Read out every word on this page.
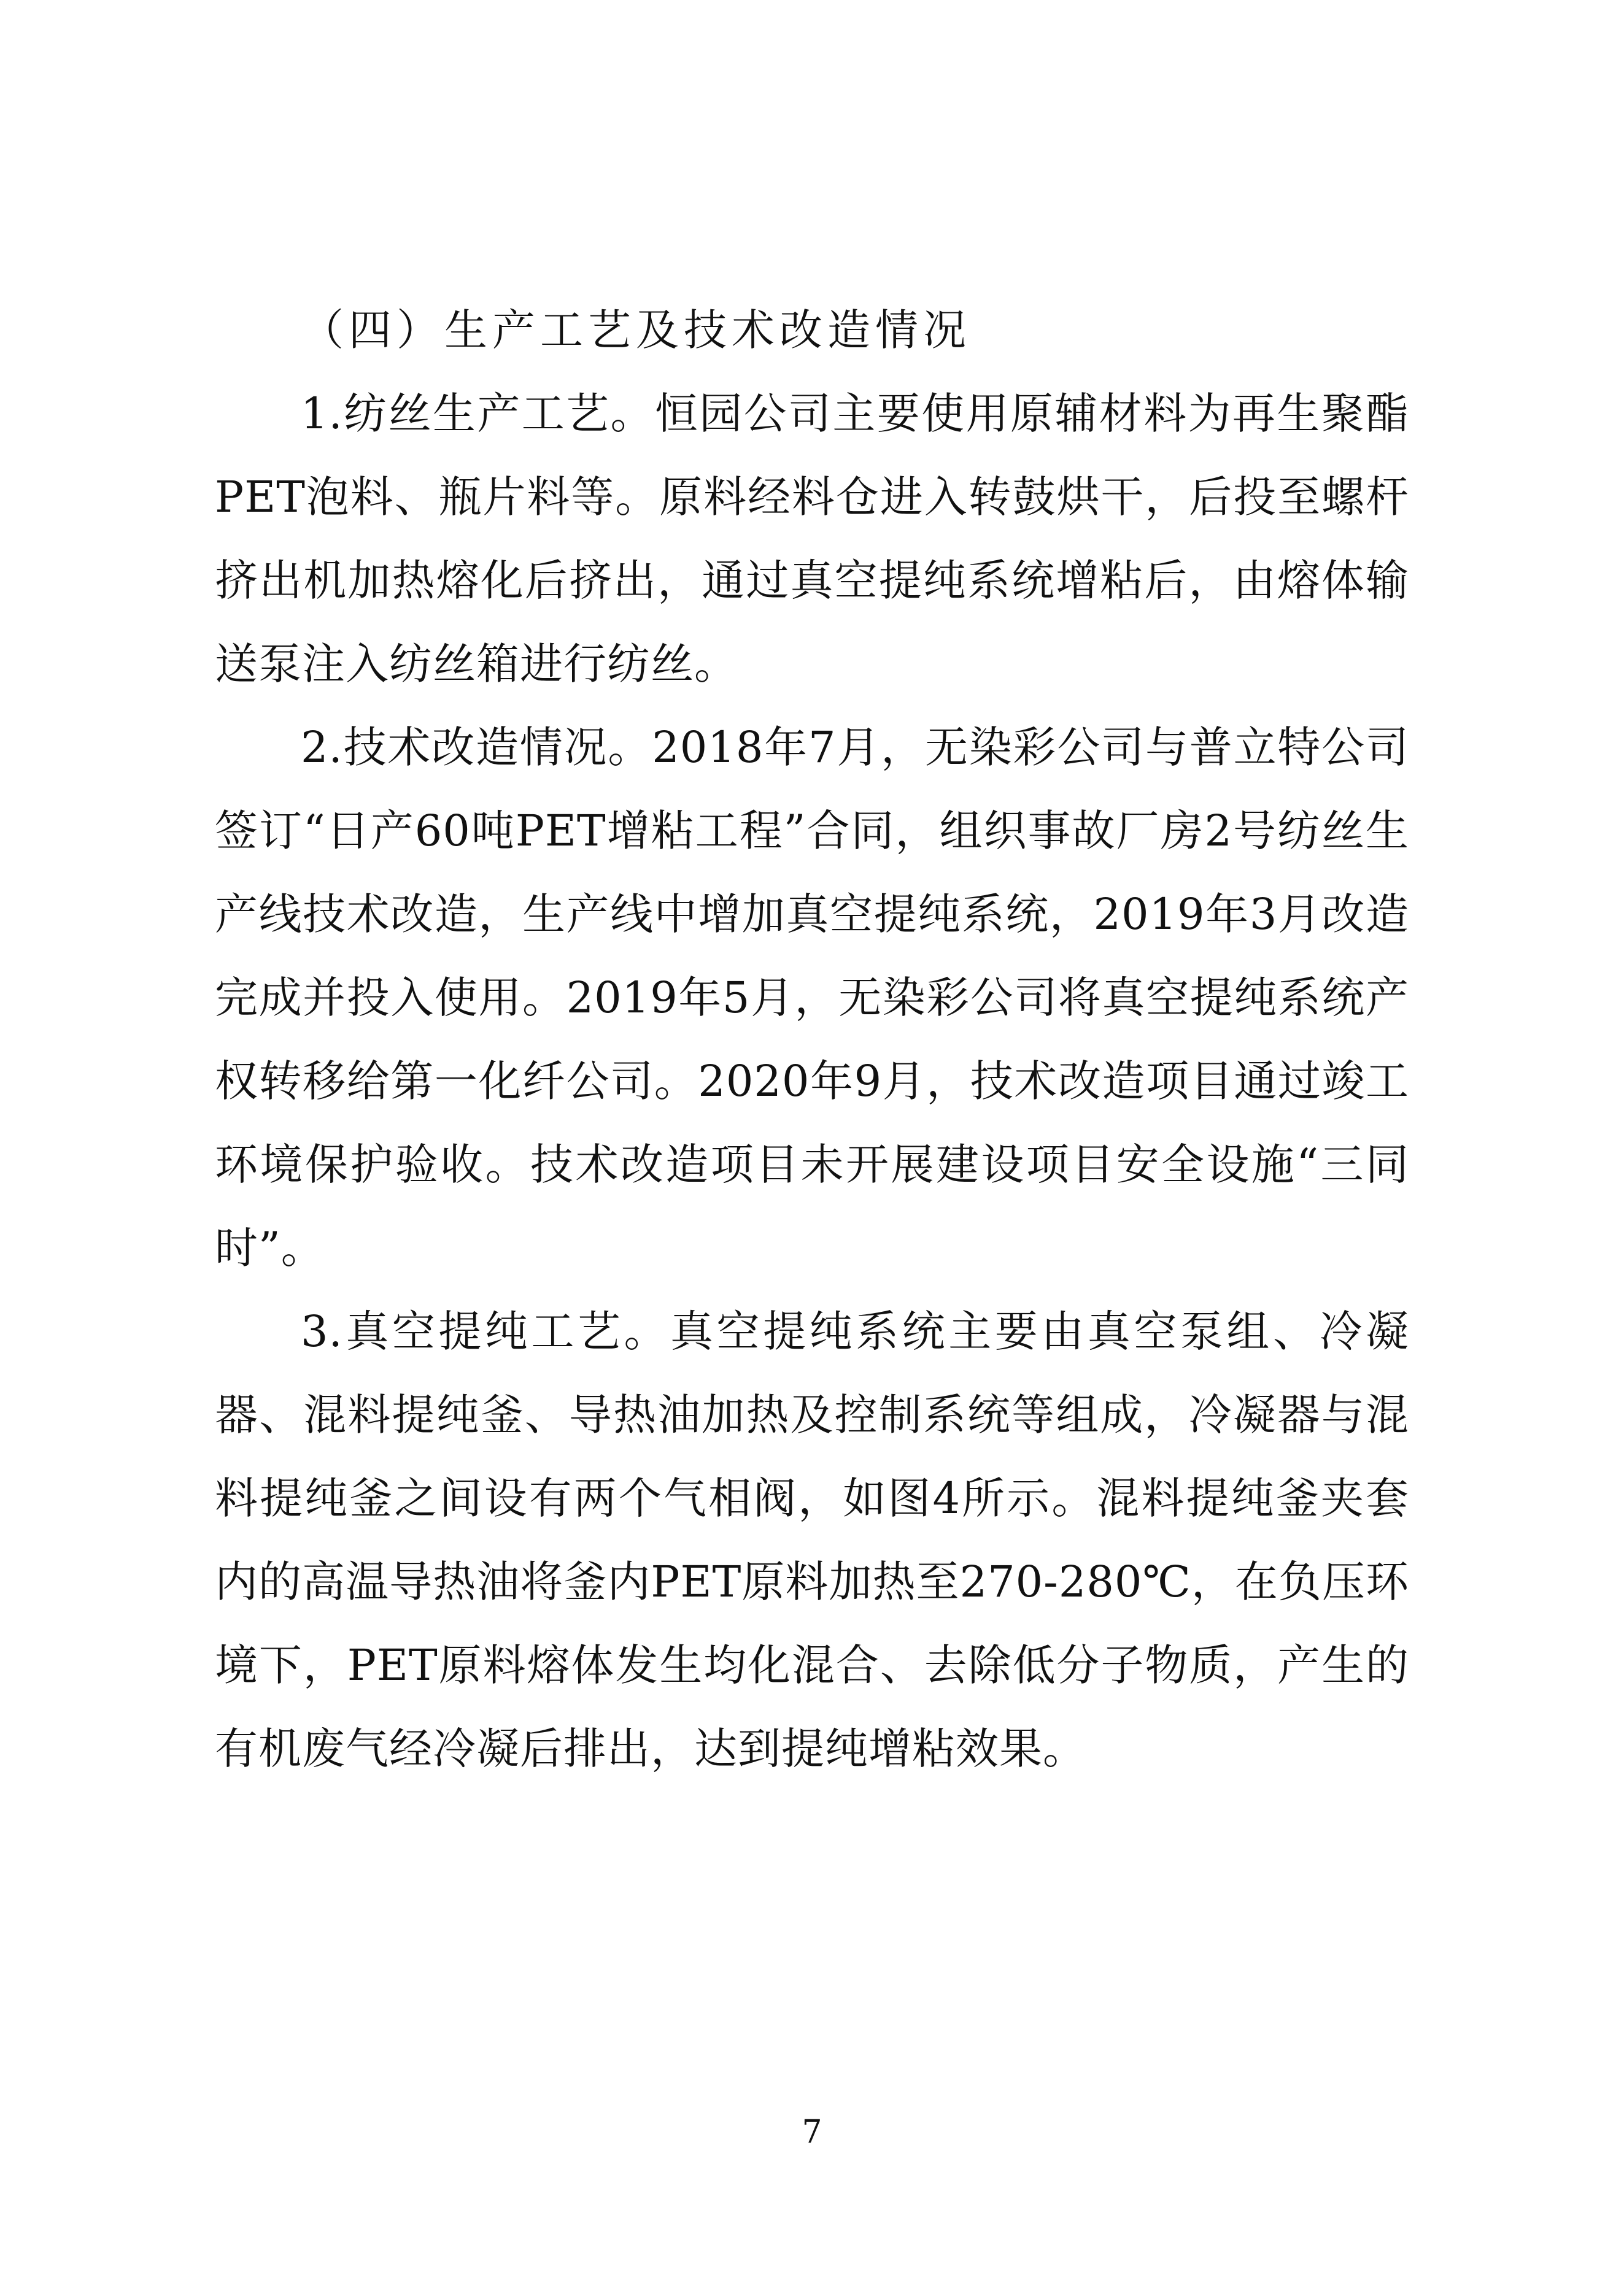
（四）生产工艺及技术改造情况

1.纺丝生产工艺。恒园公司主要使用原辅材料为再生聚酯PET泡料、瓶片料等。原料经料仓进入转鼓烘干，后投至螺杆挤出机加热熔化后挤出，通过真空提纯系统增粘后，由熔体输送泵注入纺丝箱进行纺丝。

2.技术改造情况。2018年7月，无染彩公司与普立特公司签订“日产60吨PET增粘工程”合同，组织事故厂房2号纺丝生产线技术改造，生产线中增加真空提纯系统，2019年3月改造完成并投入使用。2019年5月，无染彩公司将真空提纯系统产权转移给第一化纤公司。2020年9月，技术改造项目通过竣工环境保护验收。技术改造项目未开展建设项目安全设施“三同时”。

3.真空提纯工艺。真空提纯系统主要由真空泵组、冷凝器、混料提纯釜、导热油加热及控制系统等组成，冷凝器与混料提纯釜之间设有两个气相阀，如图4所示。混料提纯釜夹套内的高温导热油将釜内PET原料加热至270-280℃，在负压环境下，PET原料熔体发生均化混合、去除低分子物质，产生的有机废气经冷凝后排出，达到提纯增粘效果。

7
